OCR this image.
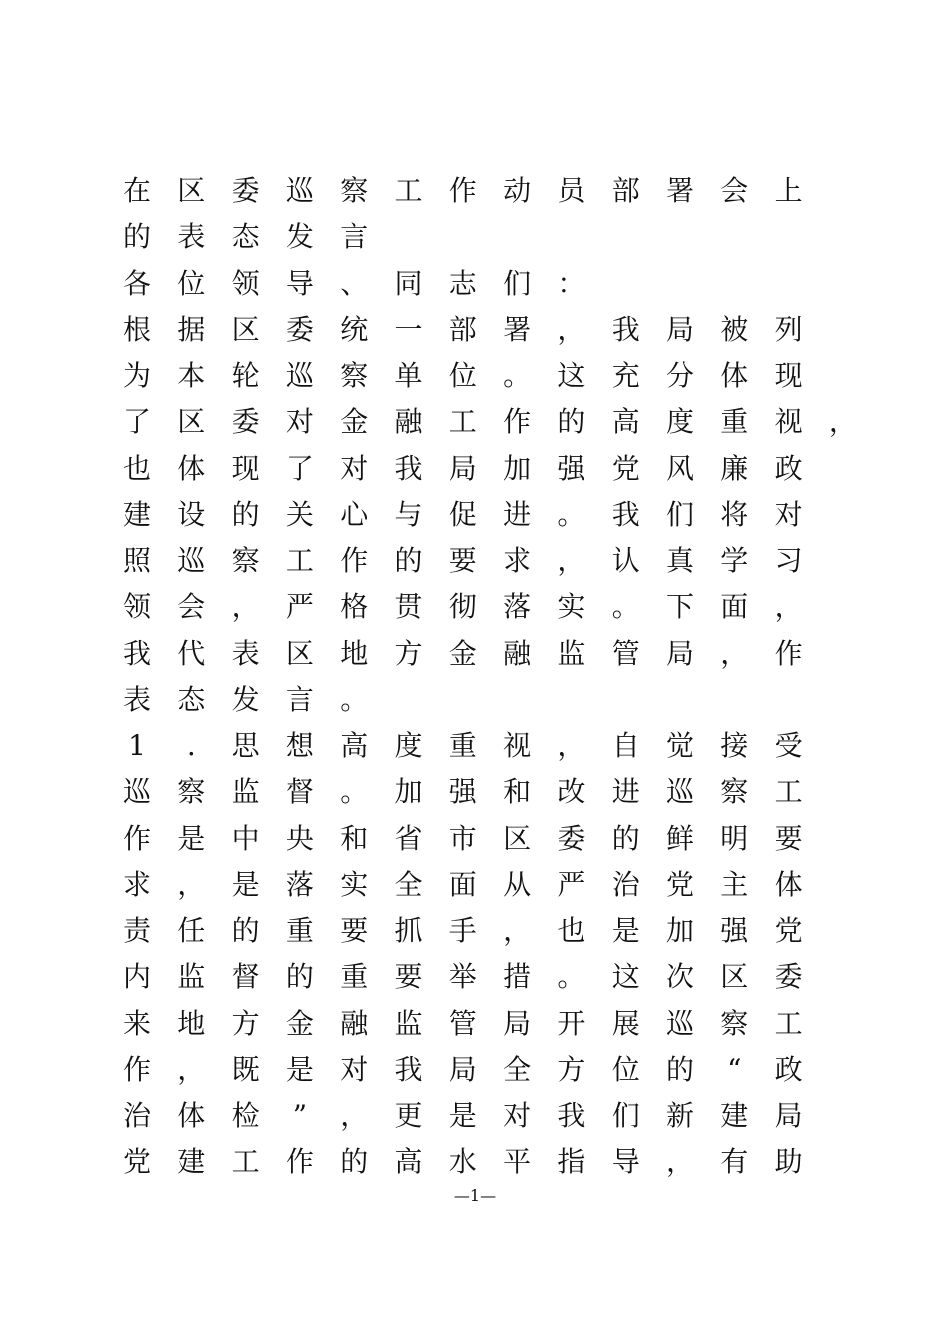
在 区 委 巡 察 工 作 动 员 部 署 会 上
的 表 态 发 言
各 位 领 导 、 同 志 们 ：
根 据 区 委 统 一 部 署 ， 我 局 被 列
为 本 轮 巡 察 单 位 。 这 充 分 体 现
了 区 委 对 金 融 工 作 的 高 度 重 视 ，
也 体 现 了 对 我 局 加 强 党 风 廉 政
建 设 的 关 心 与 促 进 。 我 们 将 对
照 巡 察 工 作 的 要 求 ， 认 真 学 习
领 会 ， 严 格 贯 彻 落 实 。 下 面 ，
我 代 表 区 地 方 金 融 监 管 局 ， 作
表 态 发 言 。
1	.	思 想 高 度 重 视 ， 自 觉 接 受
巡 察 监 督 。 加 强 和 改 进 巡 察 工
作 是 中 央 和 省 市 区 委 的 鲜 明 要
求 ， 是 落 实 全 面 从 严 治 党 主 体
责 任 的 重 要 抓 手 ， 也 是 加 强 党
内 监 督 的 重 要 举 措 。 这 次 区 委
来 地 方 金 融 监 管 局 开 展 巡 察 工
作 ， 既 是 对 我 局 全 方 位 的 “ 政
治 体 检 ” ， 更 是 对 我 们 新 建 局
党 建 工 作 的 高 水 平 指 导 ， 有 助
—1—
